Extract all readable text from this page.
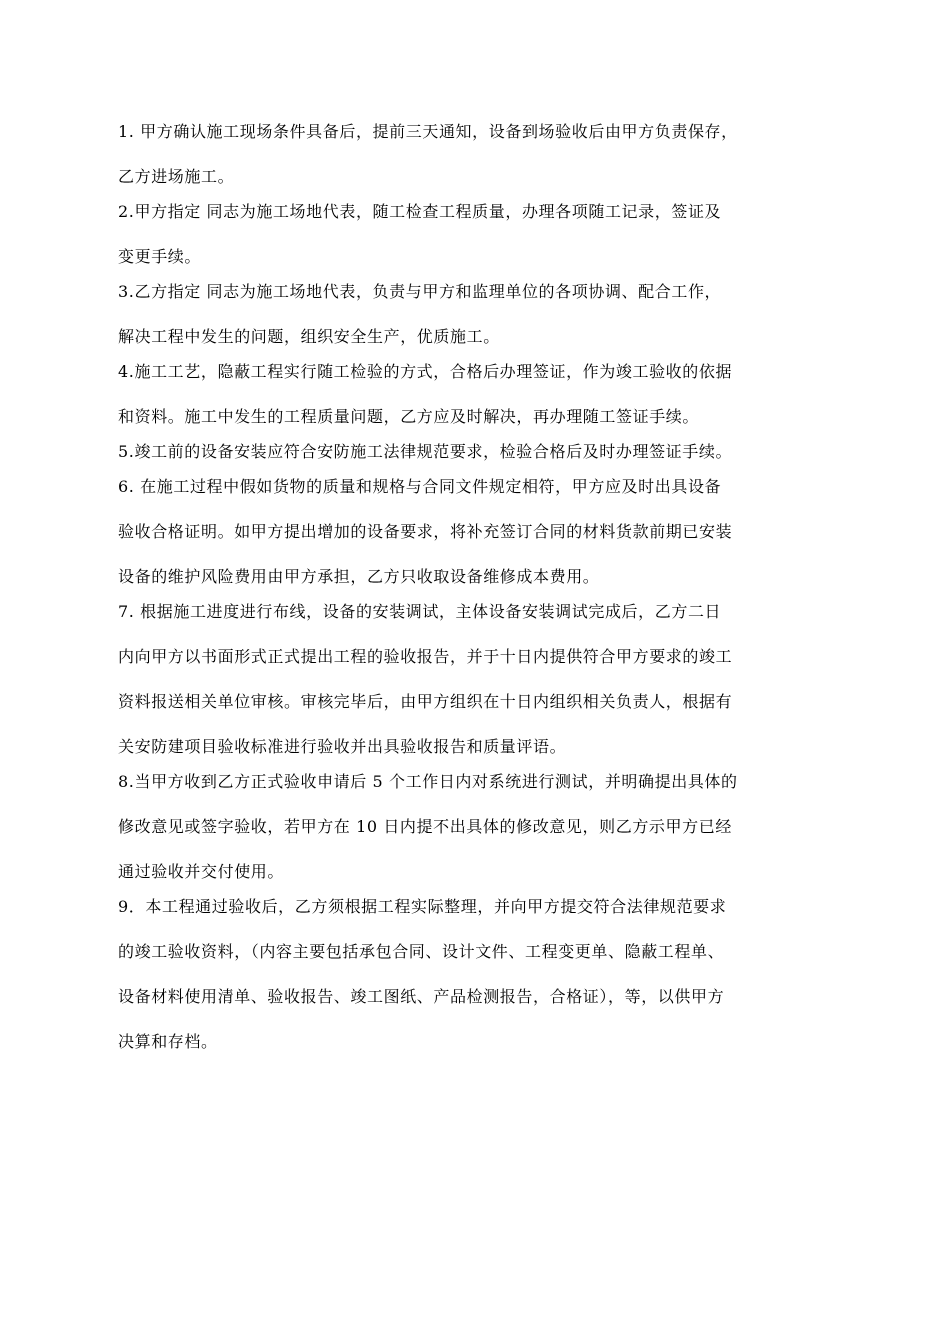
1. 甲方确认施工现场条件具备后，提前三天通知，设备到场验收后由甲方负责保存，
乙方进场施工。
2.甲方指定 同志为施工场地代表，随工检查工程质量，办理各项随工记录，签证及
变更手续。
3.乙方指定 同志为施工场地代表，负责与甲方和监理单位的各项协调、配合工作，
解决工程中发生的问题，组织安全生产，优质施工。
4.施工工艺，隐蔽工程实行随工检验的方式，合格后办理签证，作为竣工验收的依据
和资料。施工中发生的工程质量问题，乙方应及时解决，再办理随工签证手续。
5.竣工前的设备安装应符合安防施工法律规范要求，检验合格后及时办理签证手续。
6. 在施工过程中假如货物的质量和规格与合同文件规定相符，甲方应及时出具设备
验收合格证明。如甲方提出增加的设备要求，将补充签订合同的材料货款前期已安装
设备的维护风险费用由甲方承担，乙方只收取设备维修成本费用。
7. 根据施工进度进行布线，设备的安装调试，主体设备安装调试完成后，乙方二日
内向甲方以书面形式正式提出工程的验收报告，并于十日内提供符合甲方要求的竣工
资料报送相关单位审核。审核完毕后，由甲方组织在十日内组织相关负责人，根据有
关安防建项目验收标准进行验收并出具验收报告和质量评语。
8.当甲方收到乙方正式验收申请后 5 个工作日内对系统进行测试，并明确提出具体的
修改意见或签字验收，若甲方在 10 日内提不出具体的修改意见，则乙方示甲方已经
通过验收并交付使用。
9．本工程通过验收后，乙方须根据工程实际整理，并向甲方提交符合法律规范要求
的竣工验收资料，（内容主要包括承包合同、设计文件、工程变更单、隐蔽工程单、
设备材料使用清单、验收报告、竣工图纸、产品检测报告，合格证），等，以供甲方
决算和存档。
